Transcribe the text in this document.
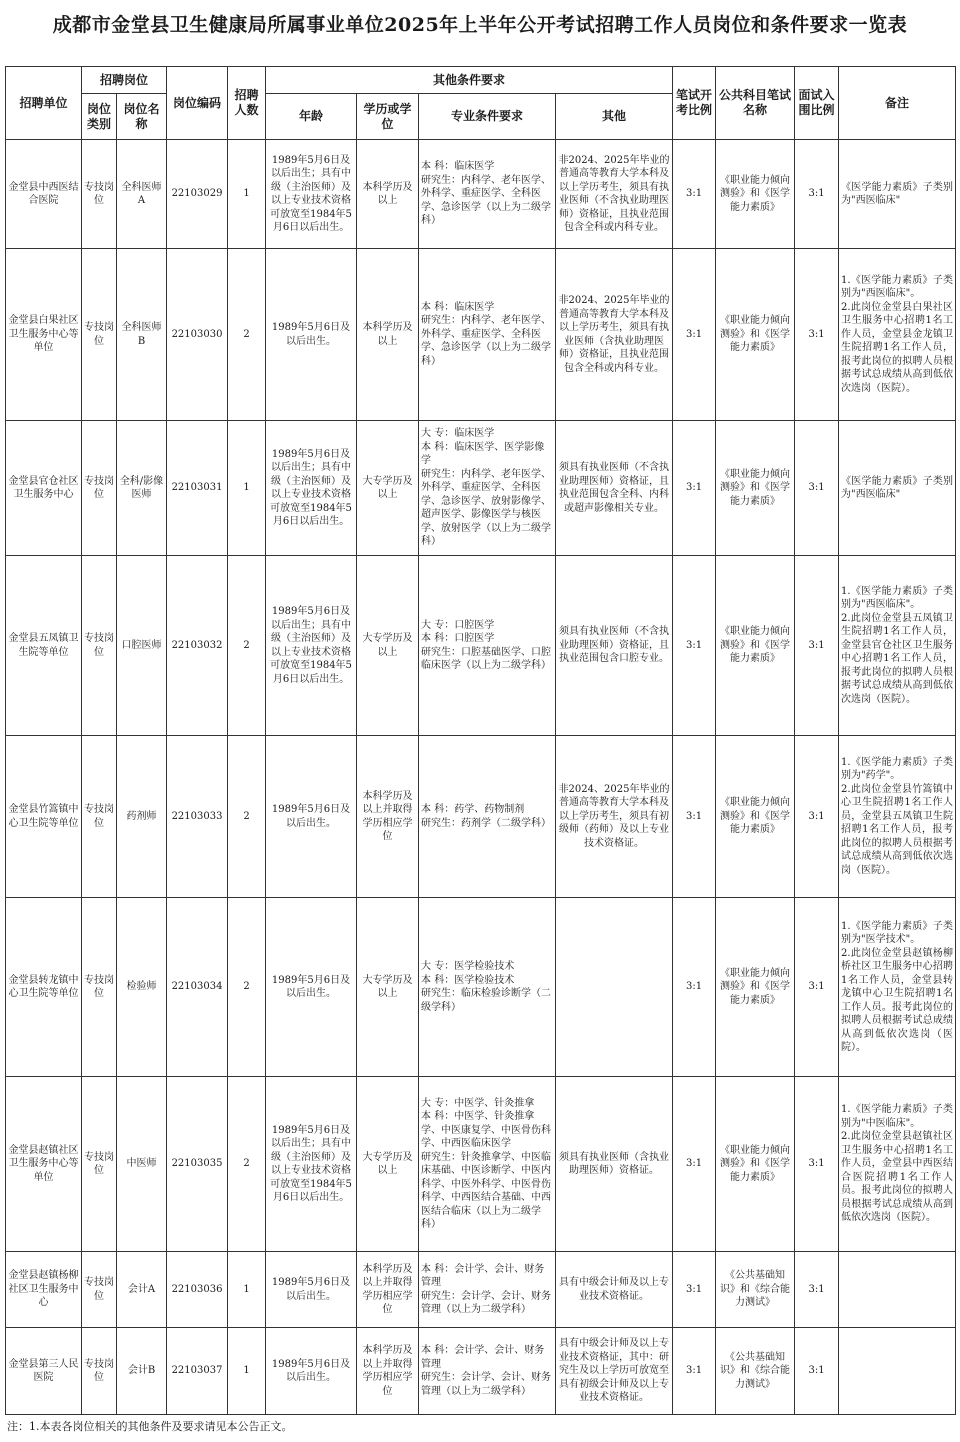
成都市金堂县卫生健康局所属事业单位2025年上半年公开考试招聘工作人员岗位和条件要求一览表
招聘单位	招聘岗位		岗位编码	招聘人数	其他条件要求				笔试开考比例	公共科目笔试名称	面试入围比例	备注
	岗位类别	岗位名称			年龄	学历或学位	专业条件要求	其他				
金堂县中西医结合医院	专技岗位	全科医师A	22103029	1	1989年5月6日及以后出生；具有中级（主治医师）及以上专业技术资格可放宽至1984年5月6日以后出生。	本科学历及以上	本 科：临床医学
研究生：内科学、老年医学、外科学、重症医学、全科医学、急诊医学（以上为二级学科）	非2024、2025年毕业的普通高等教育大学本科及以上学历考生，须具有执业医师（不含执业助理医师）资格证，且执业范围包含全科或内科专业。	3:1	《职业能力倾向测验》和《医学能力素质》	3:1	《医学能力素质》子类别为"西医临床"
金堂县白果社区卫生服务中心等单位	专技岗位	全科医师B	22103030	2	1989年5月6日及以后出生。	本科学历及以上	本 科：临床医学
研究生：内科学、老年医学、外科学、重症医学、全科医学、急诊医学（以上为二级学科）	非2024、2025年毕业的普通高等教育大学本科及以上学历考生，须具有执业医师（含执业助理医师）资格证，且执业范围包含全科或内科专业。	3:1	《职业能力倾向测验》和《医学能力素质》	3:1	1.《医学能力素质》子类别为"西医临床"。
2.此岗位金堂县白果社区卫生服务中心招聘1名工作人员，金堂县金龙镇卫生院招聘1名工作人员，报考此岗位的拟聘人员根据考试总成绩从高到低依次选岗（医院）。
金堂县官仓社区卫生服务中心	专技岗位	全科/影像医师	22103031	1	1989年5月6日及以后出生；具有中级（主治医师）及以上专业技术资格可放宽至1984年5月6日以后出生。	大专学历及以上	大 专：临床医学
本 科：临床医学、医学影像学
研究生：内科学、老年医学、外科学、重症医学、全科医学、急诊医学、放射影像学、超声医学、影像医学与核医学、放射医学（以上为二级学科）	须具有执业医师（不含执业助理医师）资格证，且执业范围包含全科、内科或超声影像相关专业。	3:1	《职业能力倾向测验》和《医学能力素质》	3:1	《医学能力素质》子类别为"西医临床"
金堂县五凤镇卫生院等单位	专技岗位	口腔医师	22103032	2	1989年5月6日及以后出生；具有中级（主治医师）及以上专业技术资格可放宽至1984年5月6日以后出生。	大专学历及以上	大 专：口腔医学
本 科：口腔医学
研究生：口腔基础医学、口腔临床医学（以上为二级学科）	须具有执业医师（不含执业助理医师）资格证，且执业范围包含口腔专业。	3:1	《职业能力倾向测验》和《医学能力素质》	3:1	1.《医学能力素质》子类别为"西医临床"。
2.此岗位金堂县五凤镇卫生院招聘1名工作人员，金堂县官仓社区卫生服务中心招聘1名工作人员，报考此岗位的拟聘人员根据考试总成绩从高到低依次选岗（医院）。
金堂县竹篙镇中心卫生院等单位	专技岗位	药剂师	22103033	2	1989年5月6日及以后出生。	本科学历及以上并取得学历相应学位	本 科：药学、药物制剂
研究生：药剂学（二级学科）	非2024、2025年毕业的普通高等教育大学本科及以上学历考生，须具有初级师（药师）及以上专业技术资格证。	3:1	《职业能力倾向测验》和《医学能力素质》	3:1	1.《医学能力素质》子类别为"药学"。
2.此岗位金堂县竹篙镇中心卫生院招聘1名工作人员，金堂县五凤镇卫生院招聘1名工作人员，报考此岗位的拟聘人员根据考试总成绩从高到低依次选岗（医院）。
金堂县转龙镇中心卫生院等单位	专技岗位	检验师	22103034	2	1989年5月6日及以后出生。	大专学历及以上	大 专：医学检验技术
本 科：医学检验技术
研究生：临床检验诊断学（二级学科）		3:1	《职业能力倾向测验》和《医学能力素质》	3:1	1.《医学能力素质》子类别为"医学技术"。
2.此岗位金堂县赵镇杨柳桥社区卫生服务中心招聘1名工作人员，金堂县转龙镇中心卫生院招聘1名工作人员。报考此岗位的拟聘人员根据考试总成绩从高到低依次选岗（医院）。
金堂县赵镇社区卫生服务中心等单位	专技岗位	中医师	22103035	2	1989年5月6日及以后出生；具有中级（主治医师）及以上专业技术资格可放宽至1984年5月6日以后出生。	大专学历及以上	大 专：中医学、针灸推拿
本 科：中医学、针灸推拿学、中医康复学、中医骨伤科学、中西医临床医学
研究生：针灸推拿学、中医临床基础、中医诊断学、中医内科学、中医外科学、中医骨伤科学、中西医结合基础、中西医结合临床（以上为二级学科）	须具有执业医师（含执业助理医师）资格证。	3:1	《职业能力倾向测验》和《医学能力素质》	3:1	1.《医学能力素质》子类别为"中医临床"。
2.此岗位金堂县赵镇社区卫生服务中心招聘1名工作人员，金堂县中西医结合医院招聘1名工作人员。报考此岗位的拟聘人员根据考试总成绩从高到低依次选岗（医院）。
金堂县赵镇杨柳社区卫生服务中心	专技岗位	会计A	22103036	1	1989年5月6日及以后出生。	本科学历及以上并取得学历相应学位	本 科：会计学、会计、财务管理
研究生：会计学、会计、财务管理（以上为二级学科）	具有中级会计师及以上专业技术资格证。	3:1	《公共基础知识》和《综合能力测试》	3:1	
金堂县第三人民医院	专技岗位	会计B	22103037	1	1989年5月6日及以后出生。	本科学历及以上并取得学历相应学位	本 科：会计学、会计、财务管理
研究生：会计学、会计、财务管理（以上为二级学科）	具有中级会计师及以上专业技术资格证，其中：研究生及以上学历可放宽至具有初级会计师及以上专业技术资格证。	3:1	《公共基础知识》和《综合能力测试》	3:1	
注：1.本表各岗位相关的其他条件及要求请见本公告正文。
